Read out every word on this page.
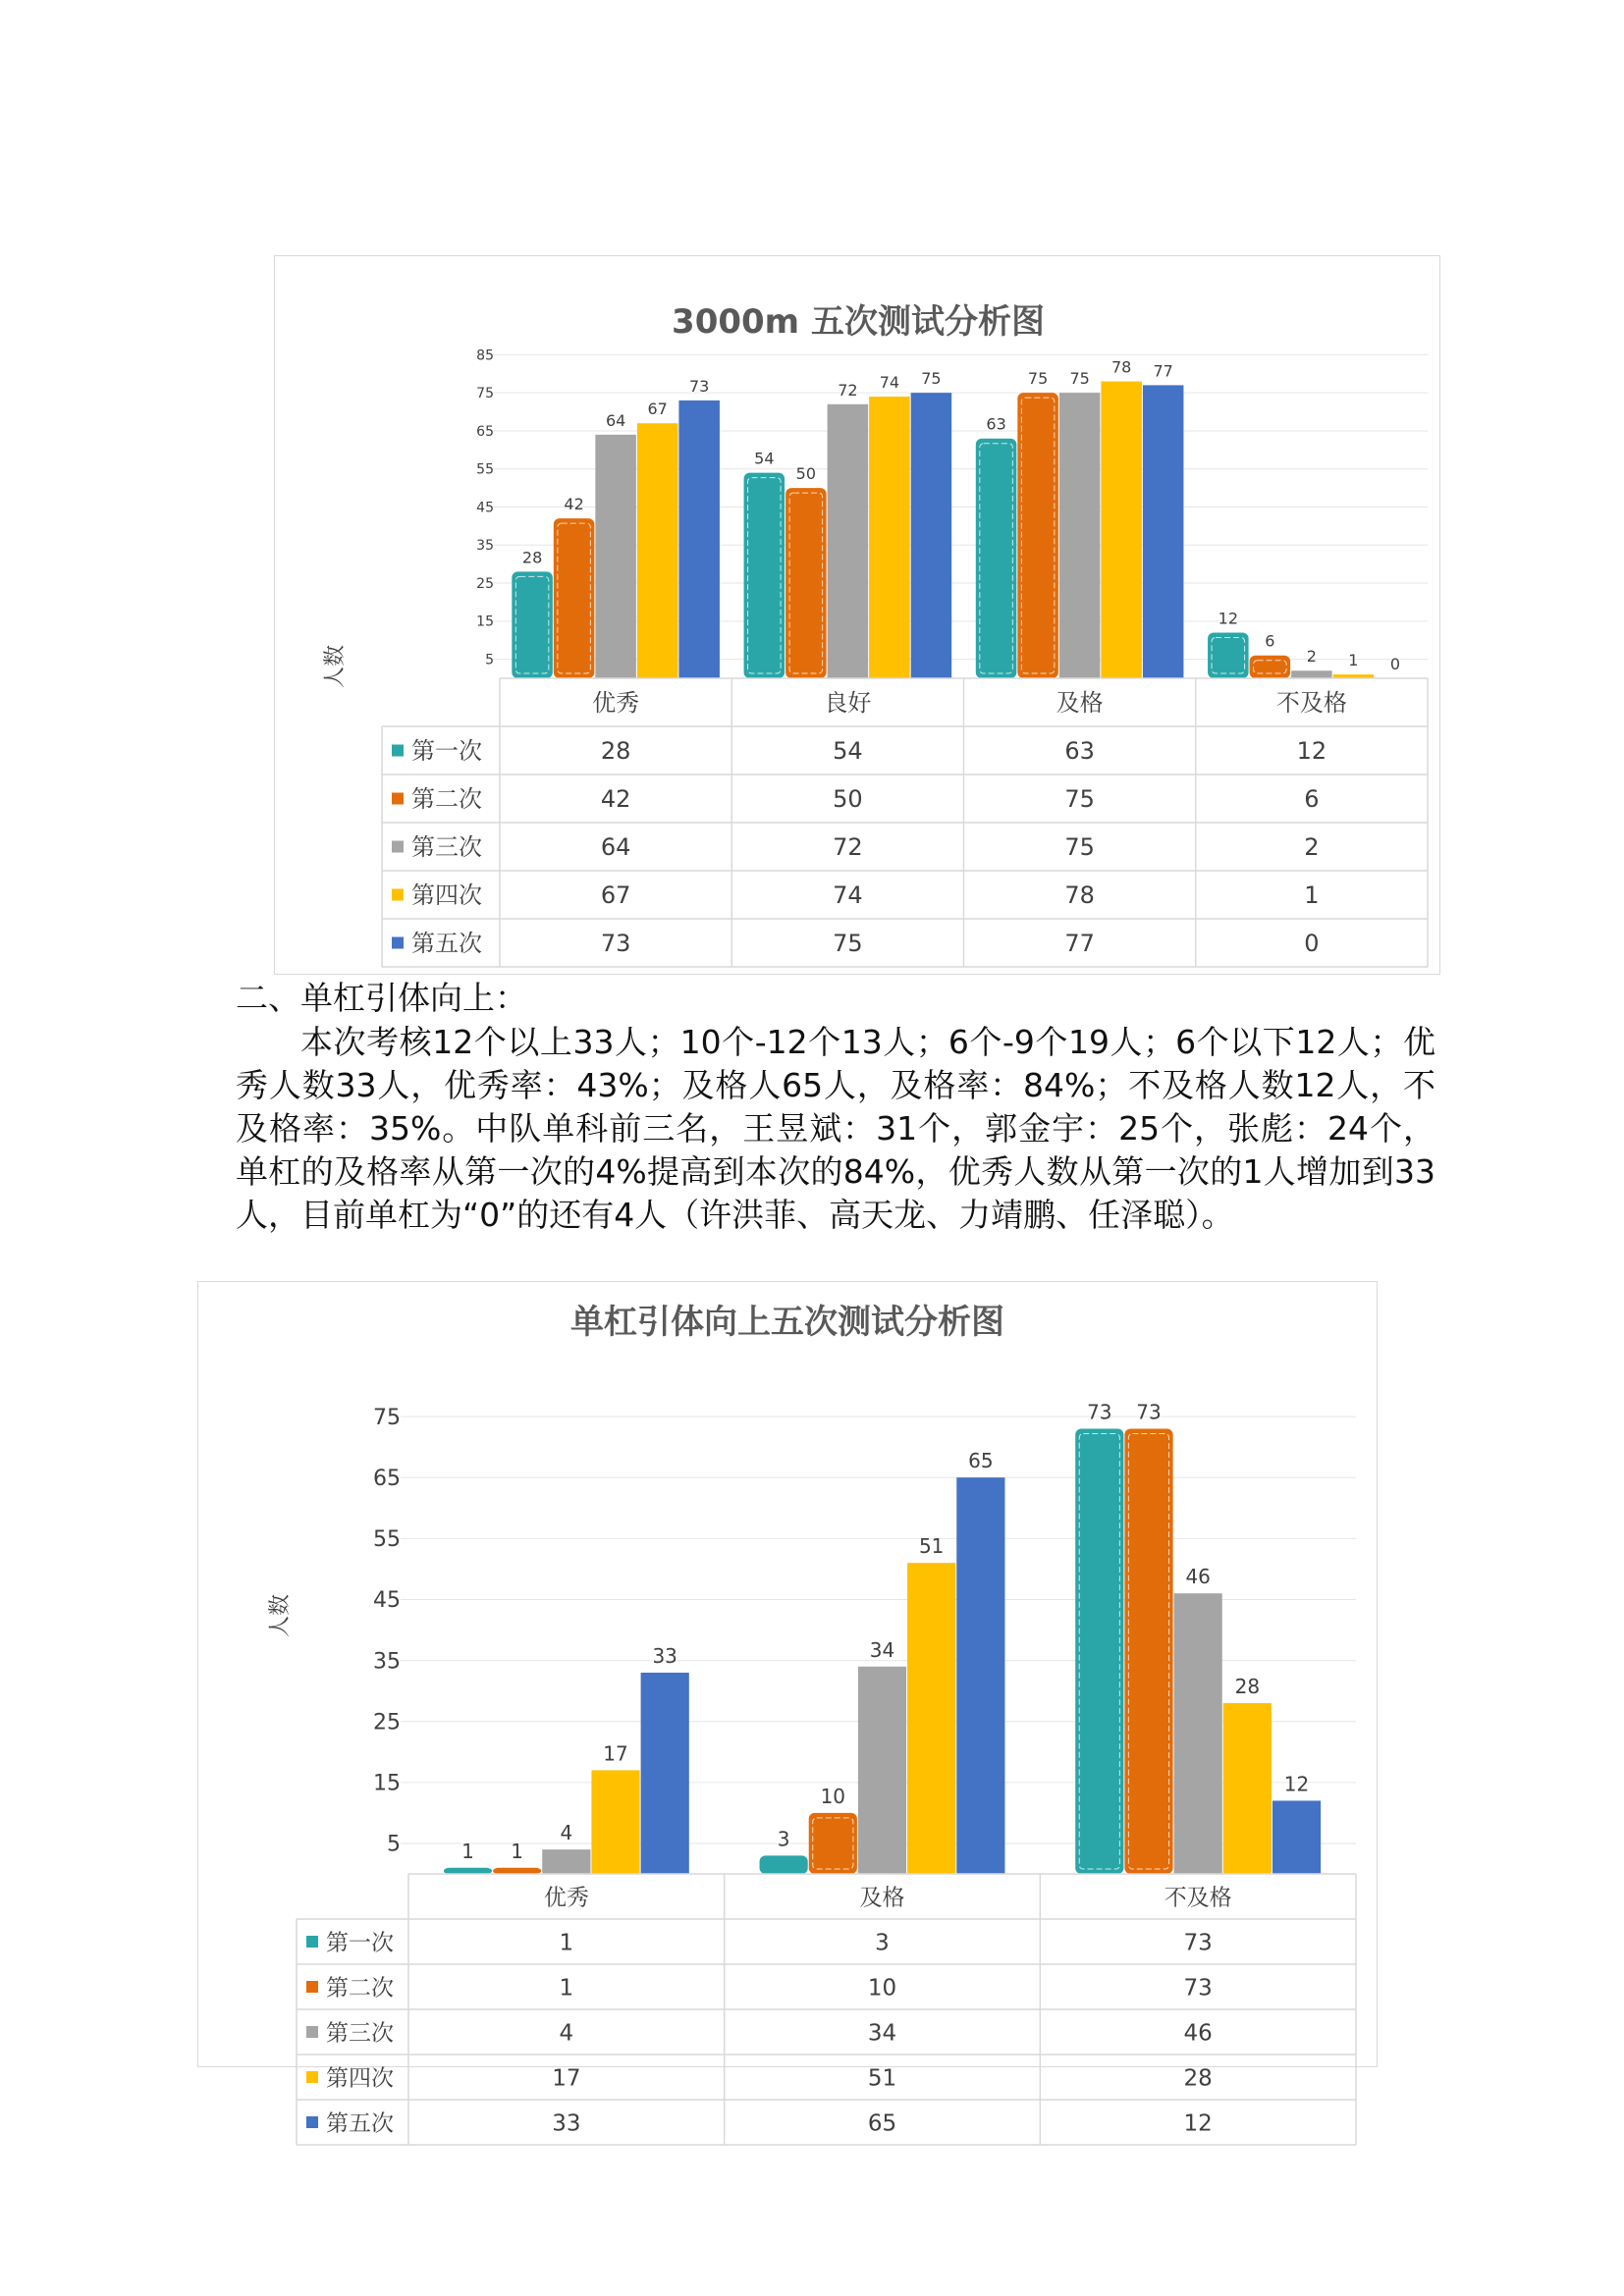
3000m 五次测试分析图
人数	5
15
25
35
45
55
65
75
85
28
54
63
12
42
50
75
6
64
72
75
2
67
74
78
1
73	75	77
0
优秀	良好	及格	不及格
第一次	28	54	63	12
第二次	42	50	75	6
第三次	64	72	75	2
第四次	67	74	78	1
第五次	73	75	77	0
二、单杠引体向上：
本次考核12个以上33人；10个-12个13人；6个-9个19人；6个以下12人；优秀人数33人，优秀率：43%；及格人65人，及格率：84%；不及格人数12人，不及格率：35%。中队单科前三名，王昱斌：31个，郭金宇：25个，张彪：24个，单杠的及格率从第一次的4%提高到本次的84%，优秀人数从第一次的1人增加到33人，目前单杠为“0”的还有4人（许洪菲、高天龙、力靖鹏、任泽聪）。
单杠引体向上五次测试分析图
人数
5
15
25
35
45
55
65
75
1
3
73
1
10
73
4
34
46
17
51
28
33
65
12
优秀	及格	不及格
第一次	1	3	73
第二次	1	10	73
第三次	4	34	46
第四次	17	51	28
第五次	33	65	12
